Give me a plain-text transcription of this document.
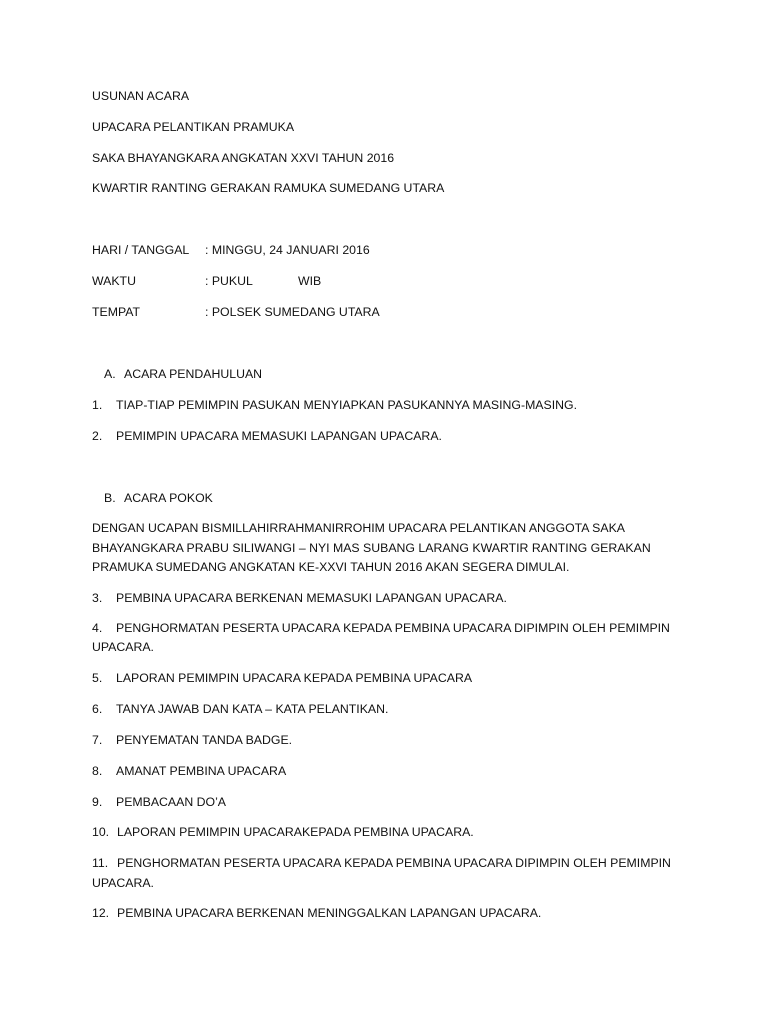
USUNAN ACARA
UPACARA PELANTIKAN PRAMUKA
SAKA BHAYANGKARA ANGKATAN XXVI TAHUN 2016
KWARTIR RANTING GERAKAN RAMUKA SUMEDANG UTARA
HARI / TANGGAL : MINGGU, 24 JANUARI 2016
WAKTU	: PUKUL	WIB
TEMPAT	: POLSEK SUMEDANG UTARA
A. ACARA PENDAHULUAN
1. TIAP-TIAP PEMIMPIN PASUKAN MENYIAPKAN PASUKANNYA MASING-MASING.
2. PEMIMPIN UPACARA MEMASUKI LAPANGAN UPACARA.
B. ACARA POKOK
DENGAN UCAPAN BISMILLAHIRRAHMANIRROHIM UPACARA PELANTIKAN ANGGOTA SAKA
BHAYANGKARA PRABU SILIWANGI – NYI MAS SUBANG LARANG KWARTIR RANTING GERAKAN
PRAMUKA SUMEDANG ANGKATAN KE-XXVI TAHUN 2016 AKAN SEGERA DIMULAI.
3. PEMBINA UPACARA BERKENAN MEMASUKI LAPANGAN UPACARA.
4. PENGHORMATAN PESERTA UPACARA KEPADA PEMBINA UPACARA DIPIMPIN OLEH PEMIMPIN
UPACARA.
5. LAPORAN PEMIMPIN UPACARA KEPADA PEMBINA UPACARA
6. TANYA JAWAB DAN KATA – KATA PELANTIKAN.
7. PENYEMATAN TANDA BADGE.
8. AMANAT PEMBINA UPACARA
9. PEMBACAAN DO’A
10. LAPORAN PEMIMPIN UPACARAKEPADA PEMBINA UPACARA.
11. PENGHORMATAN PESERTA UPACARA KEPADA PEMBINA UPACARA DIPIMPIN OLEH PEMIMPIN
UPACARA.
12. PEMBINA UPACARA BERKENAN MENINGGALKAN LAPANGAN UPACARA.
